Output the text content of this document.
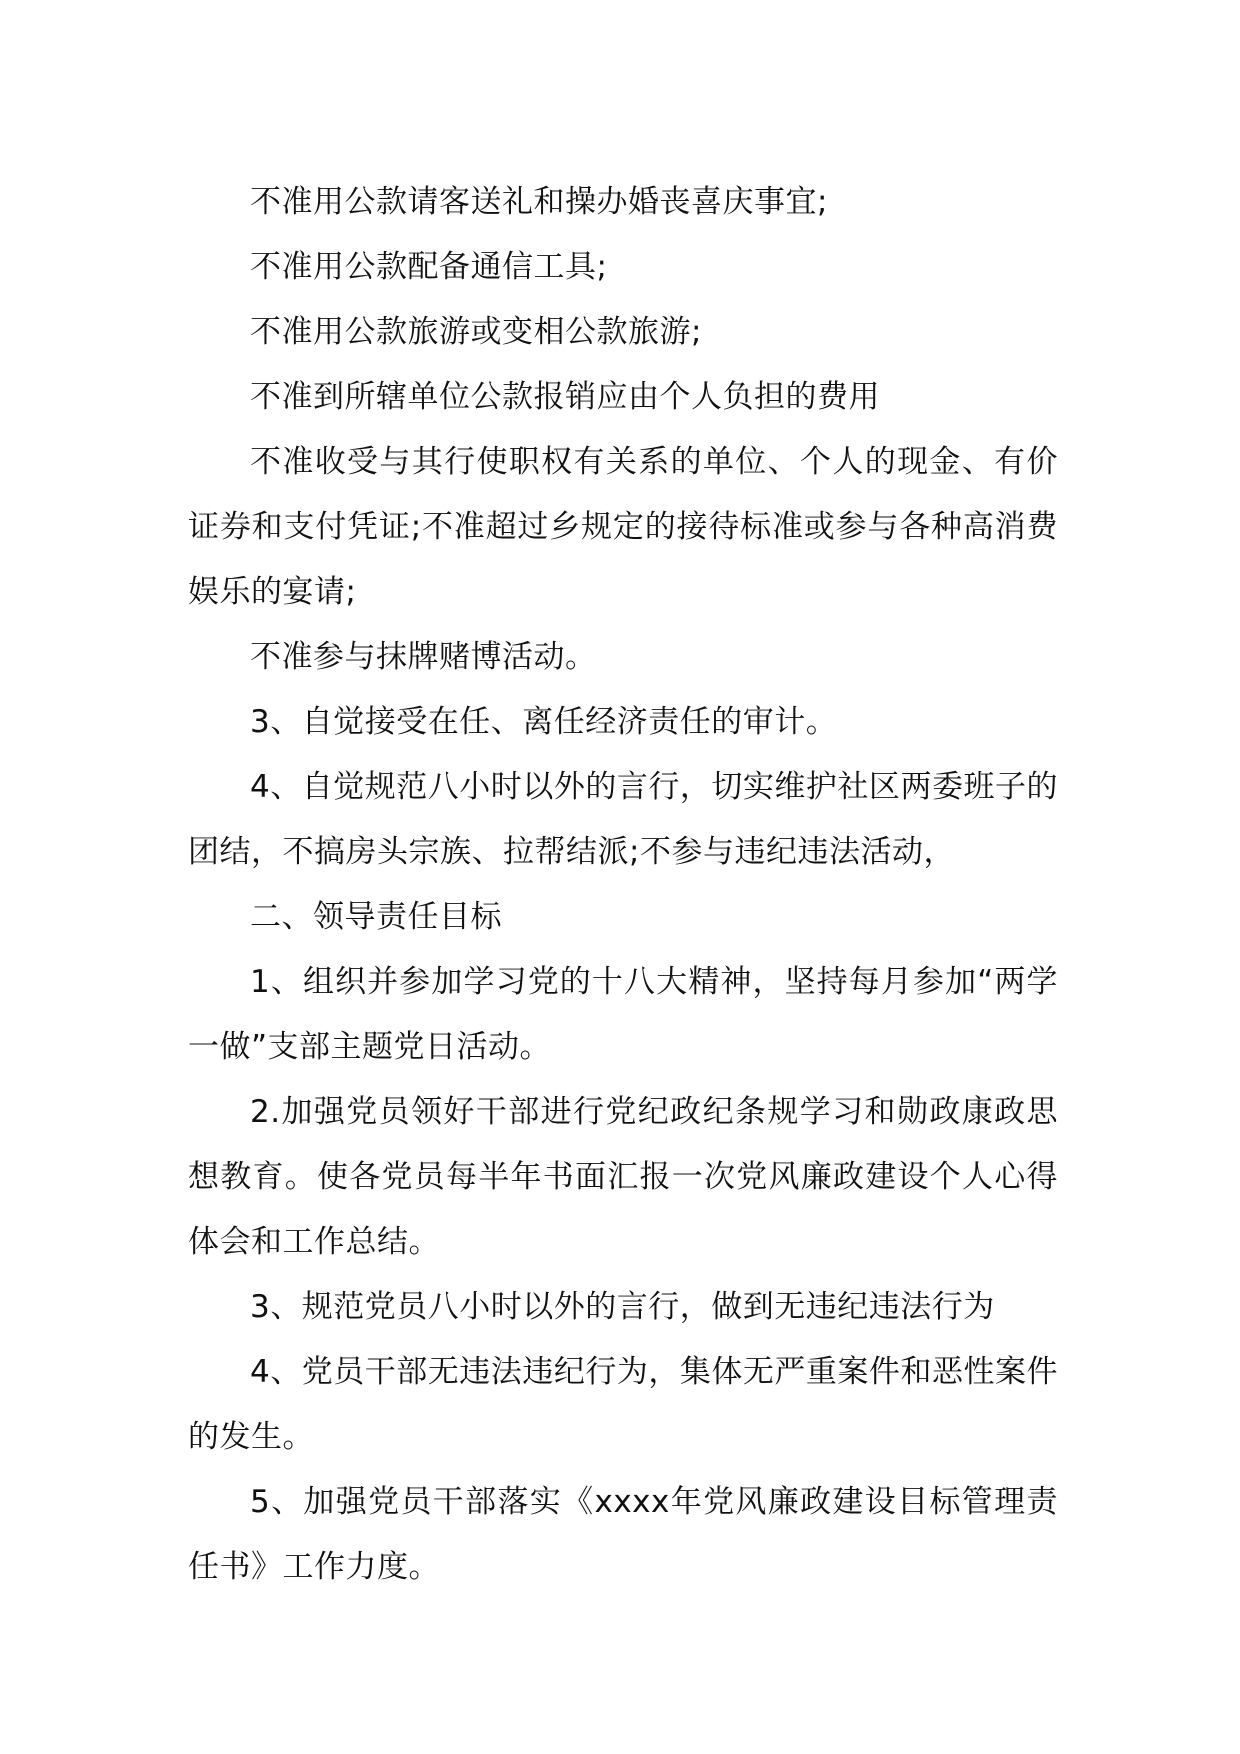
不准用公款请客送礼和操办婚丧喜庆事宜;

不准用公款配备通信工具;

不准用公款旅游或变相公款旅游;

不准到所辖单位公款报销应由个人负担的费用

不准收受与其行使职权有关系的单位、个人的现金、有价证券和支付凭证;不准超过乡规定的接待标准或参与各种高消费娱乐的宴请;

不准参与抹牌赌博活动。

3、自觉接受在任、离任经济责任的审计。

4、自觉规范八小时以外的言行，切实维护社区两委班子的团结，不搞房头宗族、拉帮结派;不参与违纪违法活动，

二、领导责任目标

1、组织并参加学习党的十八大精神，坚持每月参加“两学一做”支部主题党日活动。

2.加强党员领好干部进行党纪政纪条规学习和勋政康政思想教育。使各党员每半年书面汇报一次党风廉政建设个人心得体会和工作总结。

3、规范党员八小时以外的言行，做到无违纪违法行为

4、党员干部无违法违纪行为，集体无严重案件和恶性案件的发生。

5、加强党员干部落实《xxxx年党风廉政建设目标管理责任书》工作力度。
